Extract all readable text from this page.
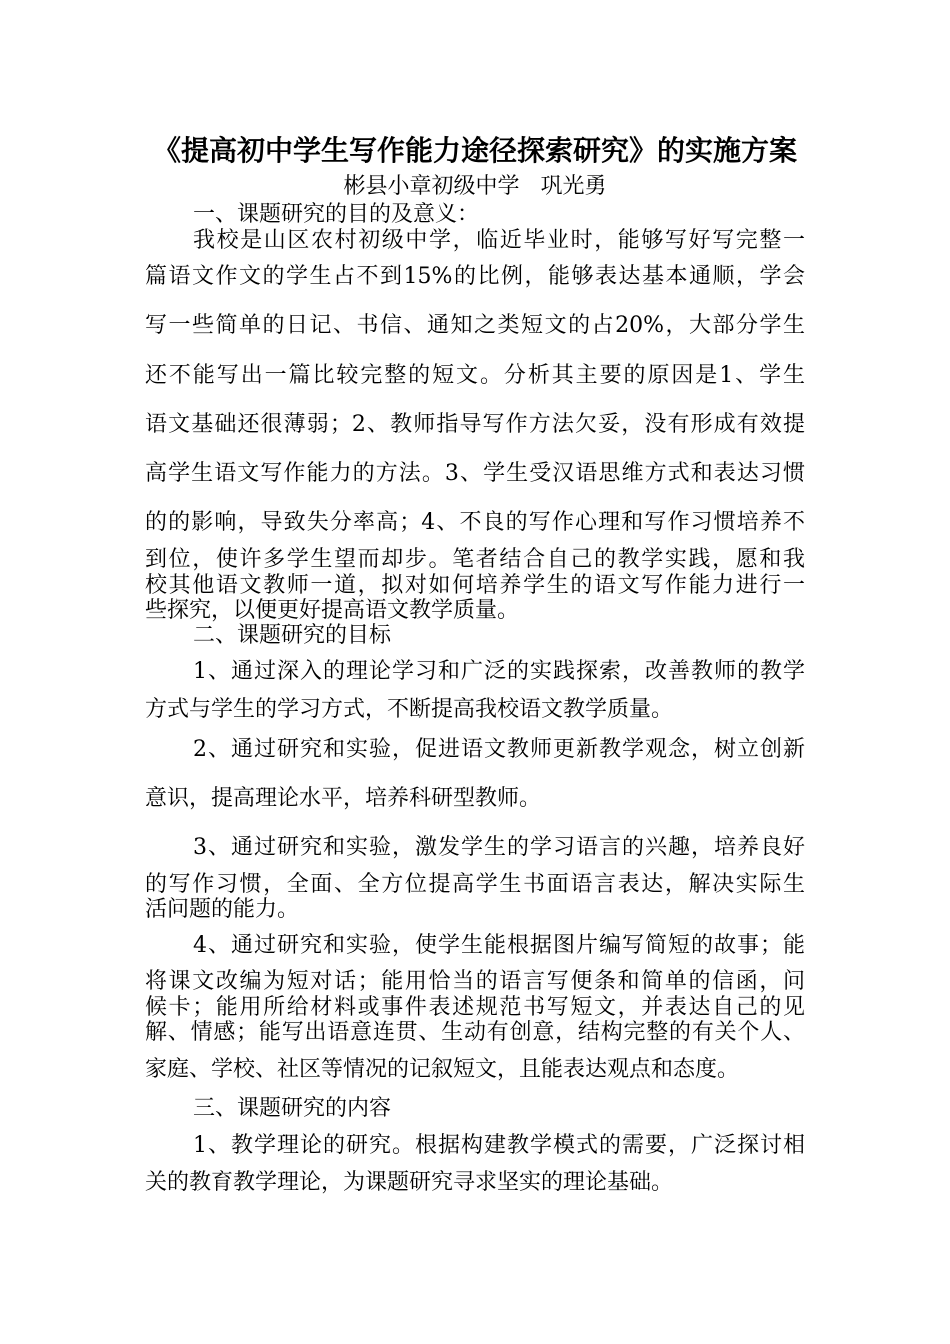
《提高初中学生写作能力途径探索研究》的实施方案
彬县小章初级中学   巩光勇
一、课题研究的目的及意义：
我校是山区农村初级中学，临近毕业时，能够写好写完整一
篇语文作文的学生占不到15%的比例，能够表达基本通顺，学会
写一些简单的日记、书信、通知之类短文的占20%，大部分学生
还不能写出一篇比较完整的短文。分析其主要的原因是1、学生
语文基础还很薄弱；2、教师指导写作方法欠妥，没有形成有效提
高学生语文写作能力的方法。3、学生受汉语思维方式和表达习惯
的的影响，导致失分率高；4、不良的写作心理和写作习惯培养不
到位，使许多学生望而却步。笔者结合自己的教学实践，愿和我
校其他语文教师一道，拟对如何培养学生的语文写作能力进行一
些探究，以便更好提高语文教学质量。
二、课题研究的目标
1、通过深入的理论学习和广泛的实践探索，改善教师的教学
方式与学生的学习方式，不断提高我校语文教学质量。
2、通过研究和实验，促进语文教师更新教学观念，树立创新
意识，提高理论水平，培养科研型教师。
3、通过研究和实验，激发学生的学习语言的兴趣，培养良好
的写作习惯，全面、全方位提高学生书面语言表达，解决实际生
活问题的能力。
4、通过研究和实验，使学生能根据图片编写简短的故事；能
将课文改编为短对话；能用恰当的语言写便条和简单的信函，问
候卡；能用所给材料或事件表述规范书写短文，并表达自己的见
解、情感；能写出语意连贯、生动有创意，结构完整的有关个人、
家庭、学校、社区等情况的记叙短文，且能表达观点和态度。
三、课题研究的内容
1、教学理论的研究。根据构建教学模式的需要，广泛探讨相
关的教育教学理论，为课题研究寻求坚实的理论基础。
